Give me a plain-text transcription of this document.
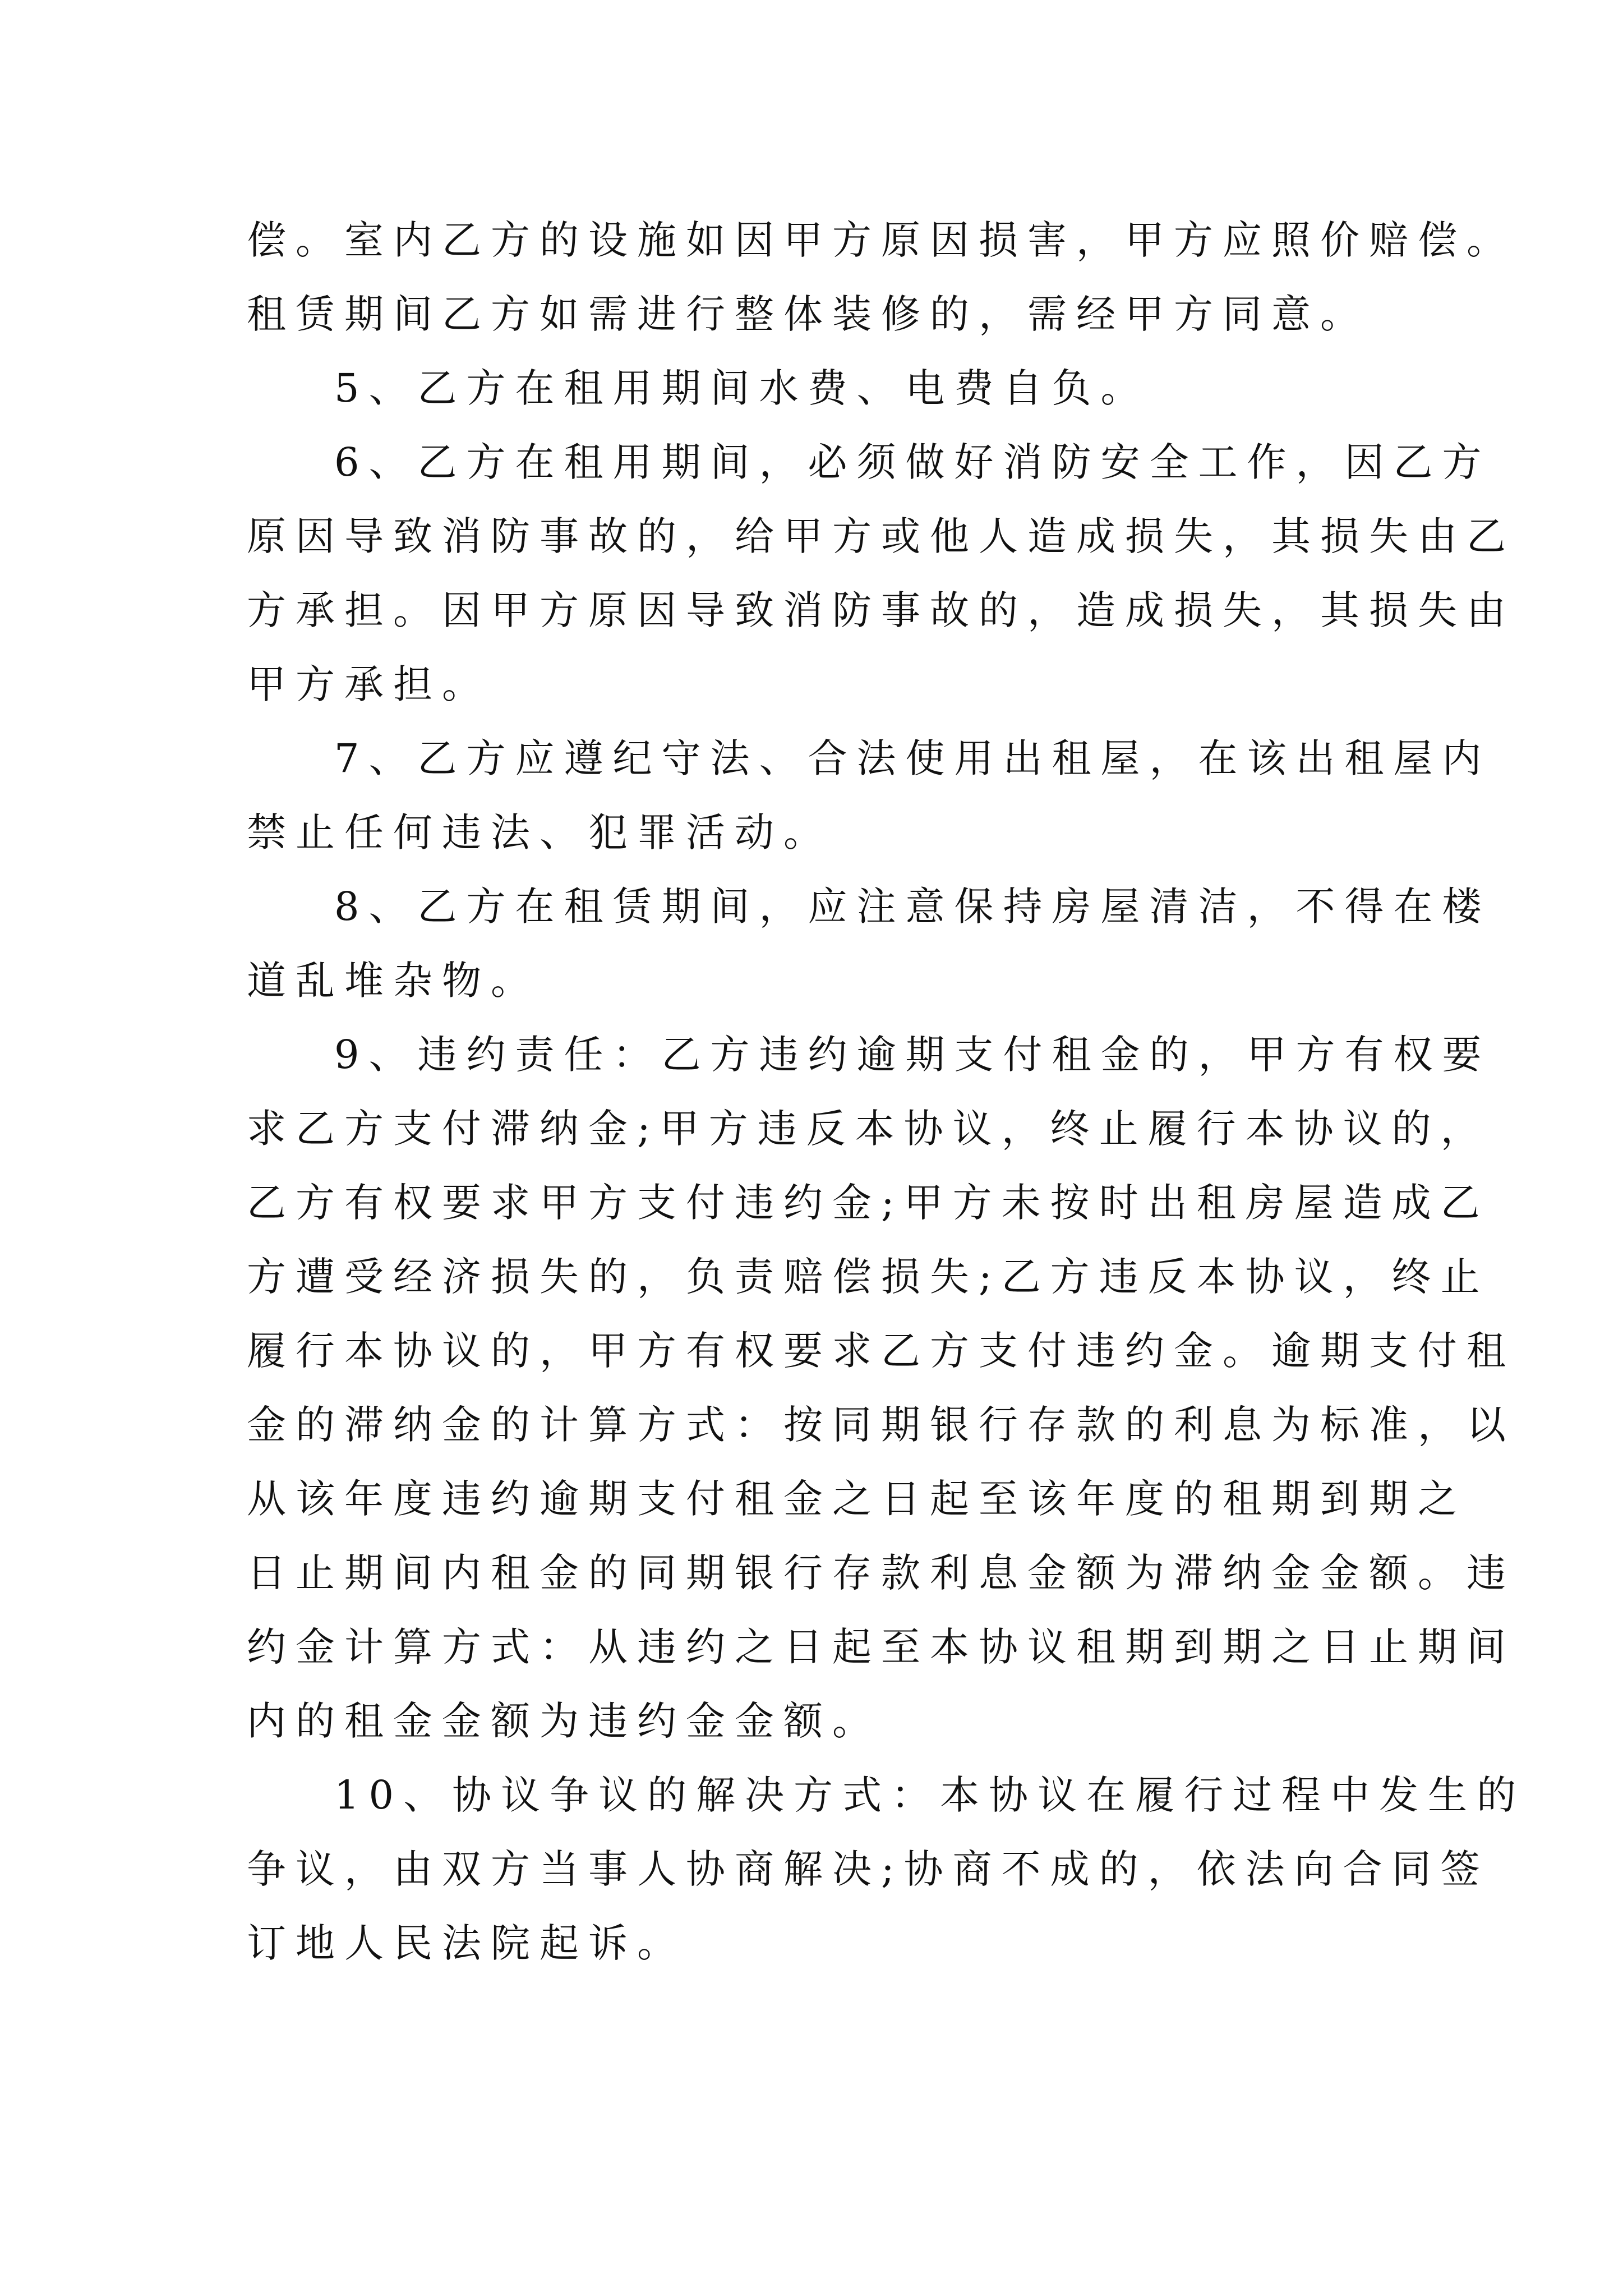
偿。室内乙方的设施如因甲方原因损害，甲方应照价赔偿。
租赁期间乙方如需进行整体装修的，需经甲方同意。
5、乙方在租用期间水费、电费自负。
6、乙方在租用期间，必须做好消防安全工作，因乙方
原因导致消防事故的，给甲方或他人造成损失，其损失由乙
方承担。因甲方原因导致消防事故的，造成损失，其损失由
甲方承担。
7、乙方应遵纪守法、合法使用出租屋，在该出租屋内
禁止任何违法、犯罪活动。
8、乙方在租赁期间，应注意保持房屋清洁，不得在楼
道乱堆杂物。
9、违约责任：乙方违约逾期支付租金的，甲方有权要
求乙方支付滞纳金;甲方违反本协议，终止履行本协议的，
乙方有权要求甲方支付违约金;甲方未按时出租房屋造成乙
方遭受经济损失的，负责赔偿损失;乙方违反本协议，终止
履行本协议的，甲方有权要求乙方支付违约金。逾期支付租
金的滞纳金的计算方式：按同期银行存款的利息为标准，以
从该年度违约逾期支付租金之日起至该年度的租期到期之
日止期间内租金的同期银行存款利息金额为滞纳金金额。违
约金计算方式：从违约之日起至本协议租期到期之日止期间
内的租金金额为违约金金额。
10、协议争议的解决方式：本协议在履行过程中发生的
争议，由双方当事人协商解决;协商不成的，依法向合同签
订地人民法院起诉。
